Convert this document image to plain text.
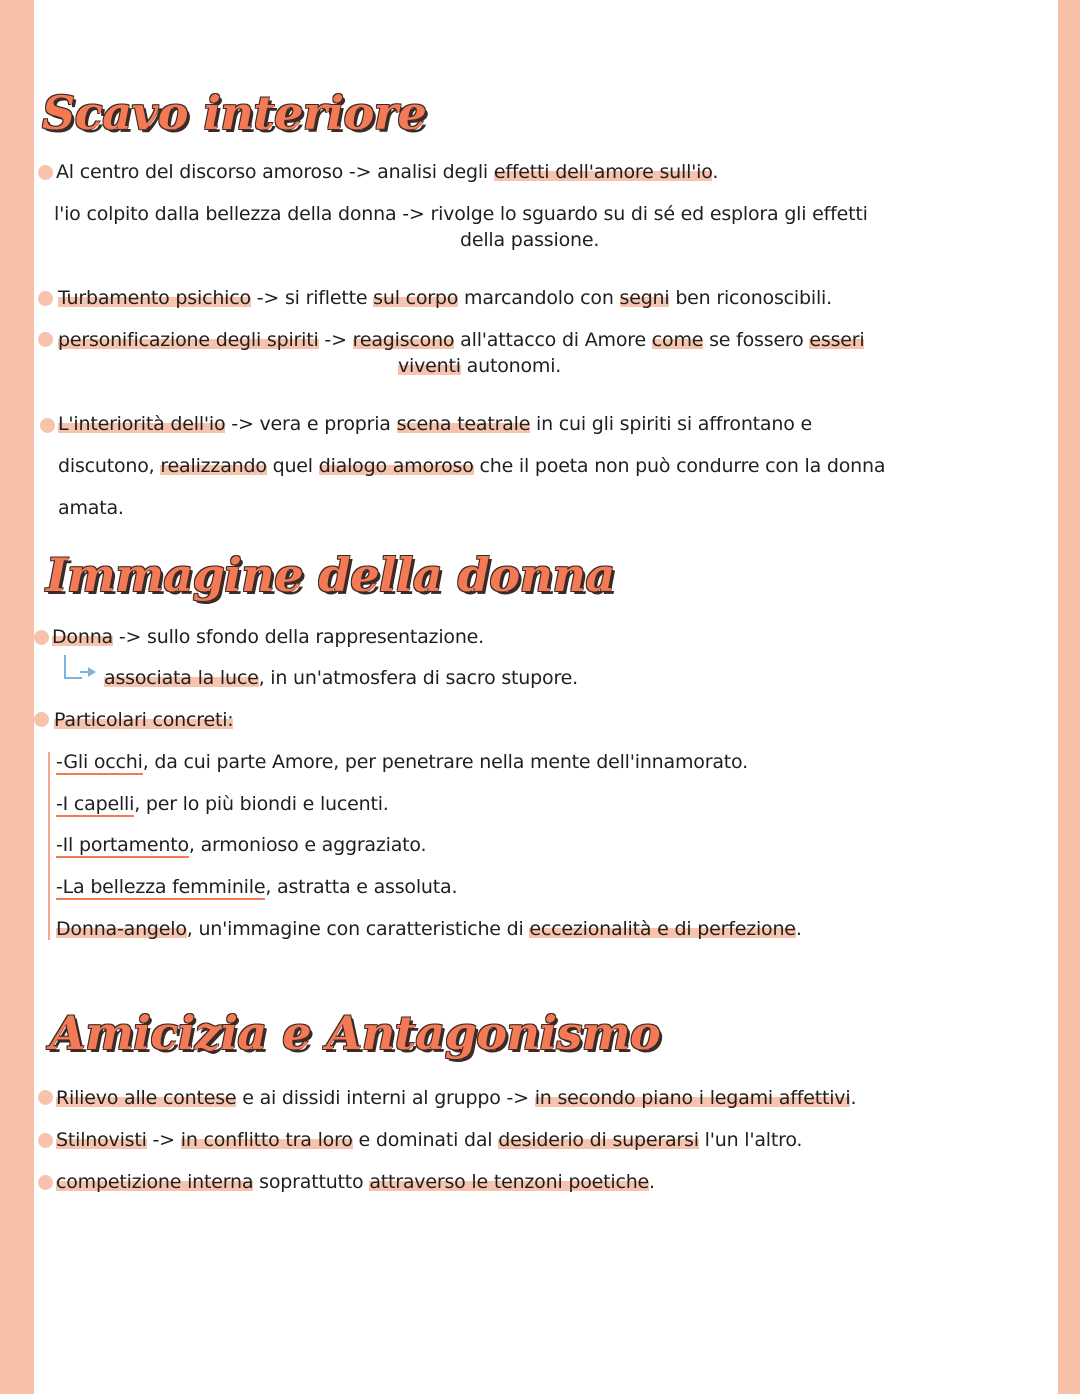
Scavo interiore
Al centro del discorso amoroso -> analisi degli effetti dell'amore sull'io.
l'io colpito dalla bellezza della donna -> rivolge lo sguardo su di sé ed esplora gli effetti
della passione.
Turbamento psichico -> si riflette sul corpo marcandolo con segni ben riconoscibili.
personificazione degli spiriti -> reagiscono all'attacco di Amore come se fossero esseri
viventi autonomi.
L'interiorità dell'io -> vera e propria scena teatrale in cui gli spiriti si affrontano e
discutono, realizzando quel dialogo amoroso che il poeta non può condurre con la donna
amata.
Immagine della donna
Donna -> sullo sfondo della rappresentazione.
associata la luce, in un'atmosfera di sacro stupore.
Particolari concreti:
-Gli occhi, da cui parte Amore, per penetrare nella mente dell'innamorato.
-I capelli, per lo più biondi e lucenti.
-Il portamento, armonioso e aggraziato.
-La bellezza femminile, astratta e assoluta.
Donna-angelo, un'immagine con caratteristiche di eccezionalità e di perfezione.
Amicizia e Antagonismo
Rilievo alle contese e ai dissidi interni al gruppo -> in secondo piano i legami affettivi.
Stilnovisti -> in conflitto tra loro e dominati dal desiderio di superarsi l'un l'altro.
competizione interna soprattutto attraverso le tenzoni poetiche.
